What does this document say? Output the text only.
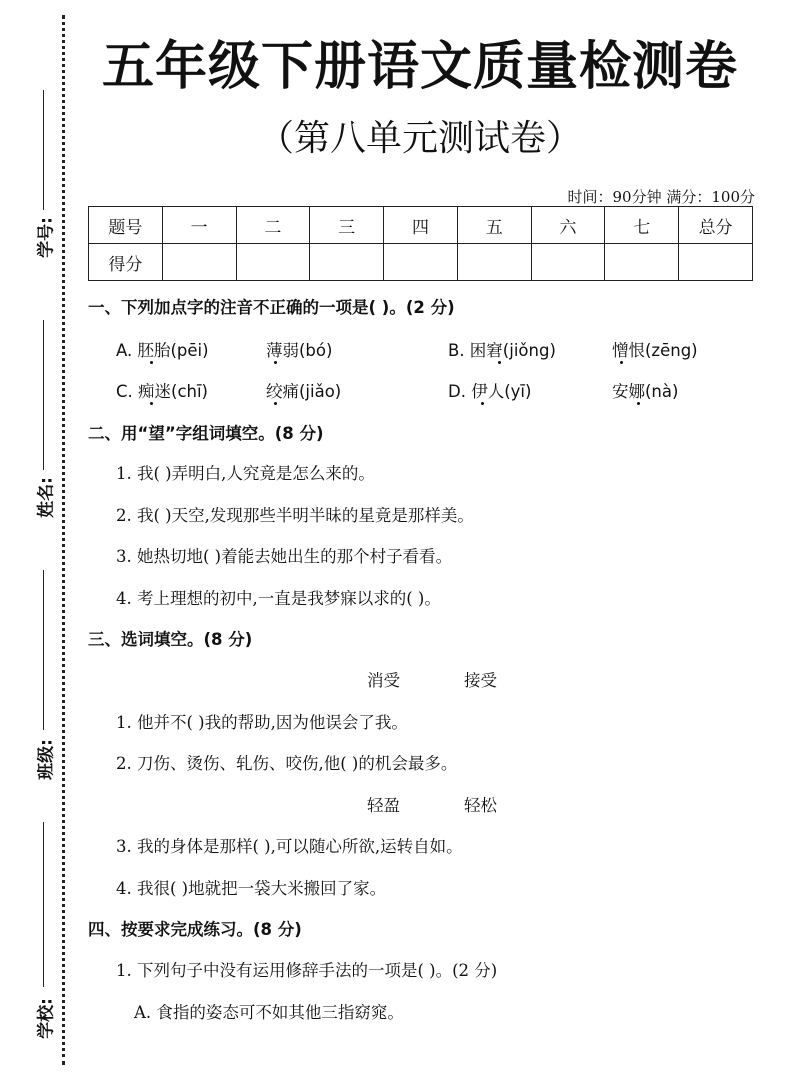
学号:
姓名:
班级:
学校:
五年级下册语文质量检测卷
（第八单元测试卷）
时间：90分钟 满分：100分
题号	一	二	三	四	五	六	七	总分
得分								
一、下列加点字的注音不正确的一项是( )。(2 分)
A. 胚胎(pēi)	薄弱(bó)	B. 困窘(jiǒng)	憎恨(zēng)
C. 痴迷(chī)	绞痛(jiǎo)	D. 伊人(yī)	安娜(nà)
二、用“望”字组词填空。(8 分)
1. 我( )弄明白,人究竟是怎么来的。
2. 我( )天空,发现那些半明半昧的星竟是那样美。
3. 她热切地( )着能去她出生的那个村子看看。
4. 考上理想的初中,一直是我梦寐以求的( )。
三、选词填空。(8 分)
消受	接受
1. 他并不( )我的帮助,因为他误会了我。
2. 刀伤、烫伤、轧伤、咬伤,他( )的机会最多。
轻盈	轻松
3. 我的身体是那样( ),可以随心所欲,运转自如。
4. 我很( )地就把一袋大米搬回了家。
四、按要求完成练习。(8 分)
1. 下列句子中没有运用修辞手法的一项是( )。(2 分)
A. 食指的姿态可不如其他三指窈窕。
